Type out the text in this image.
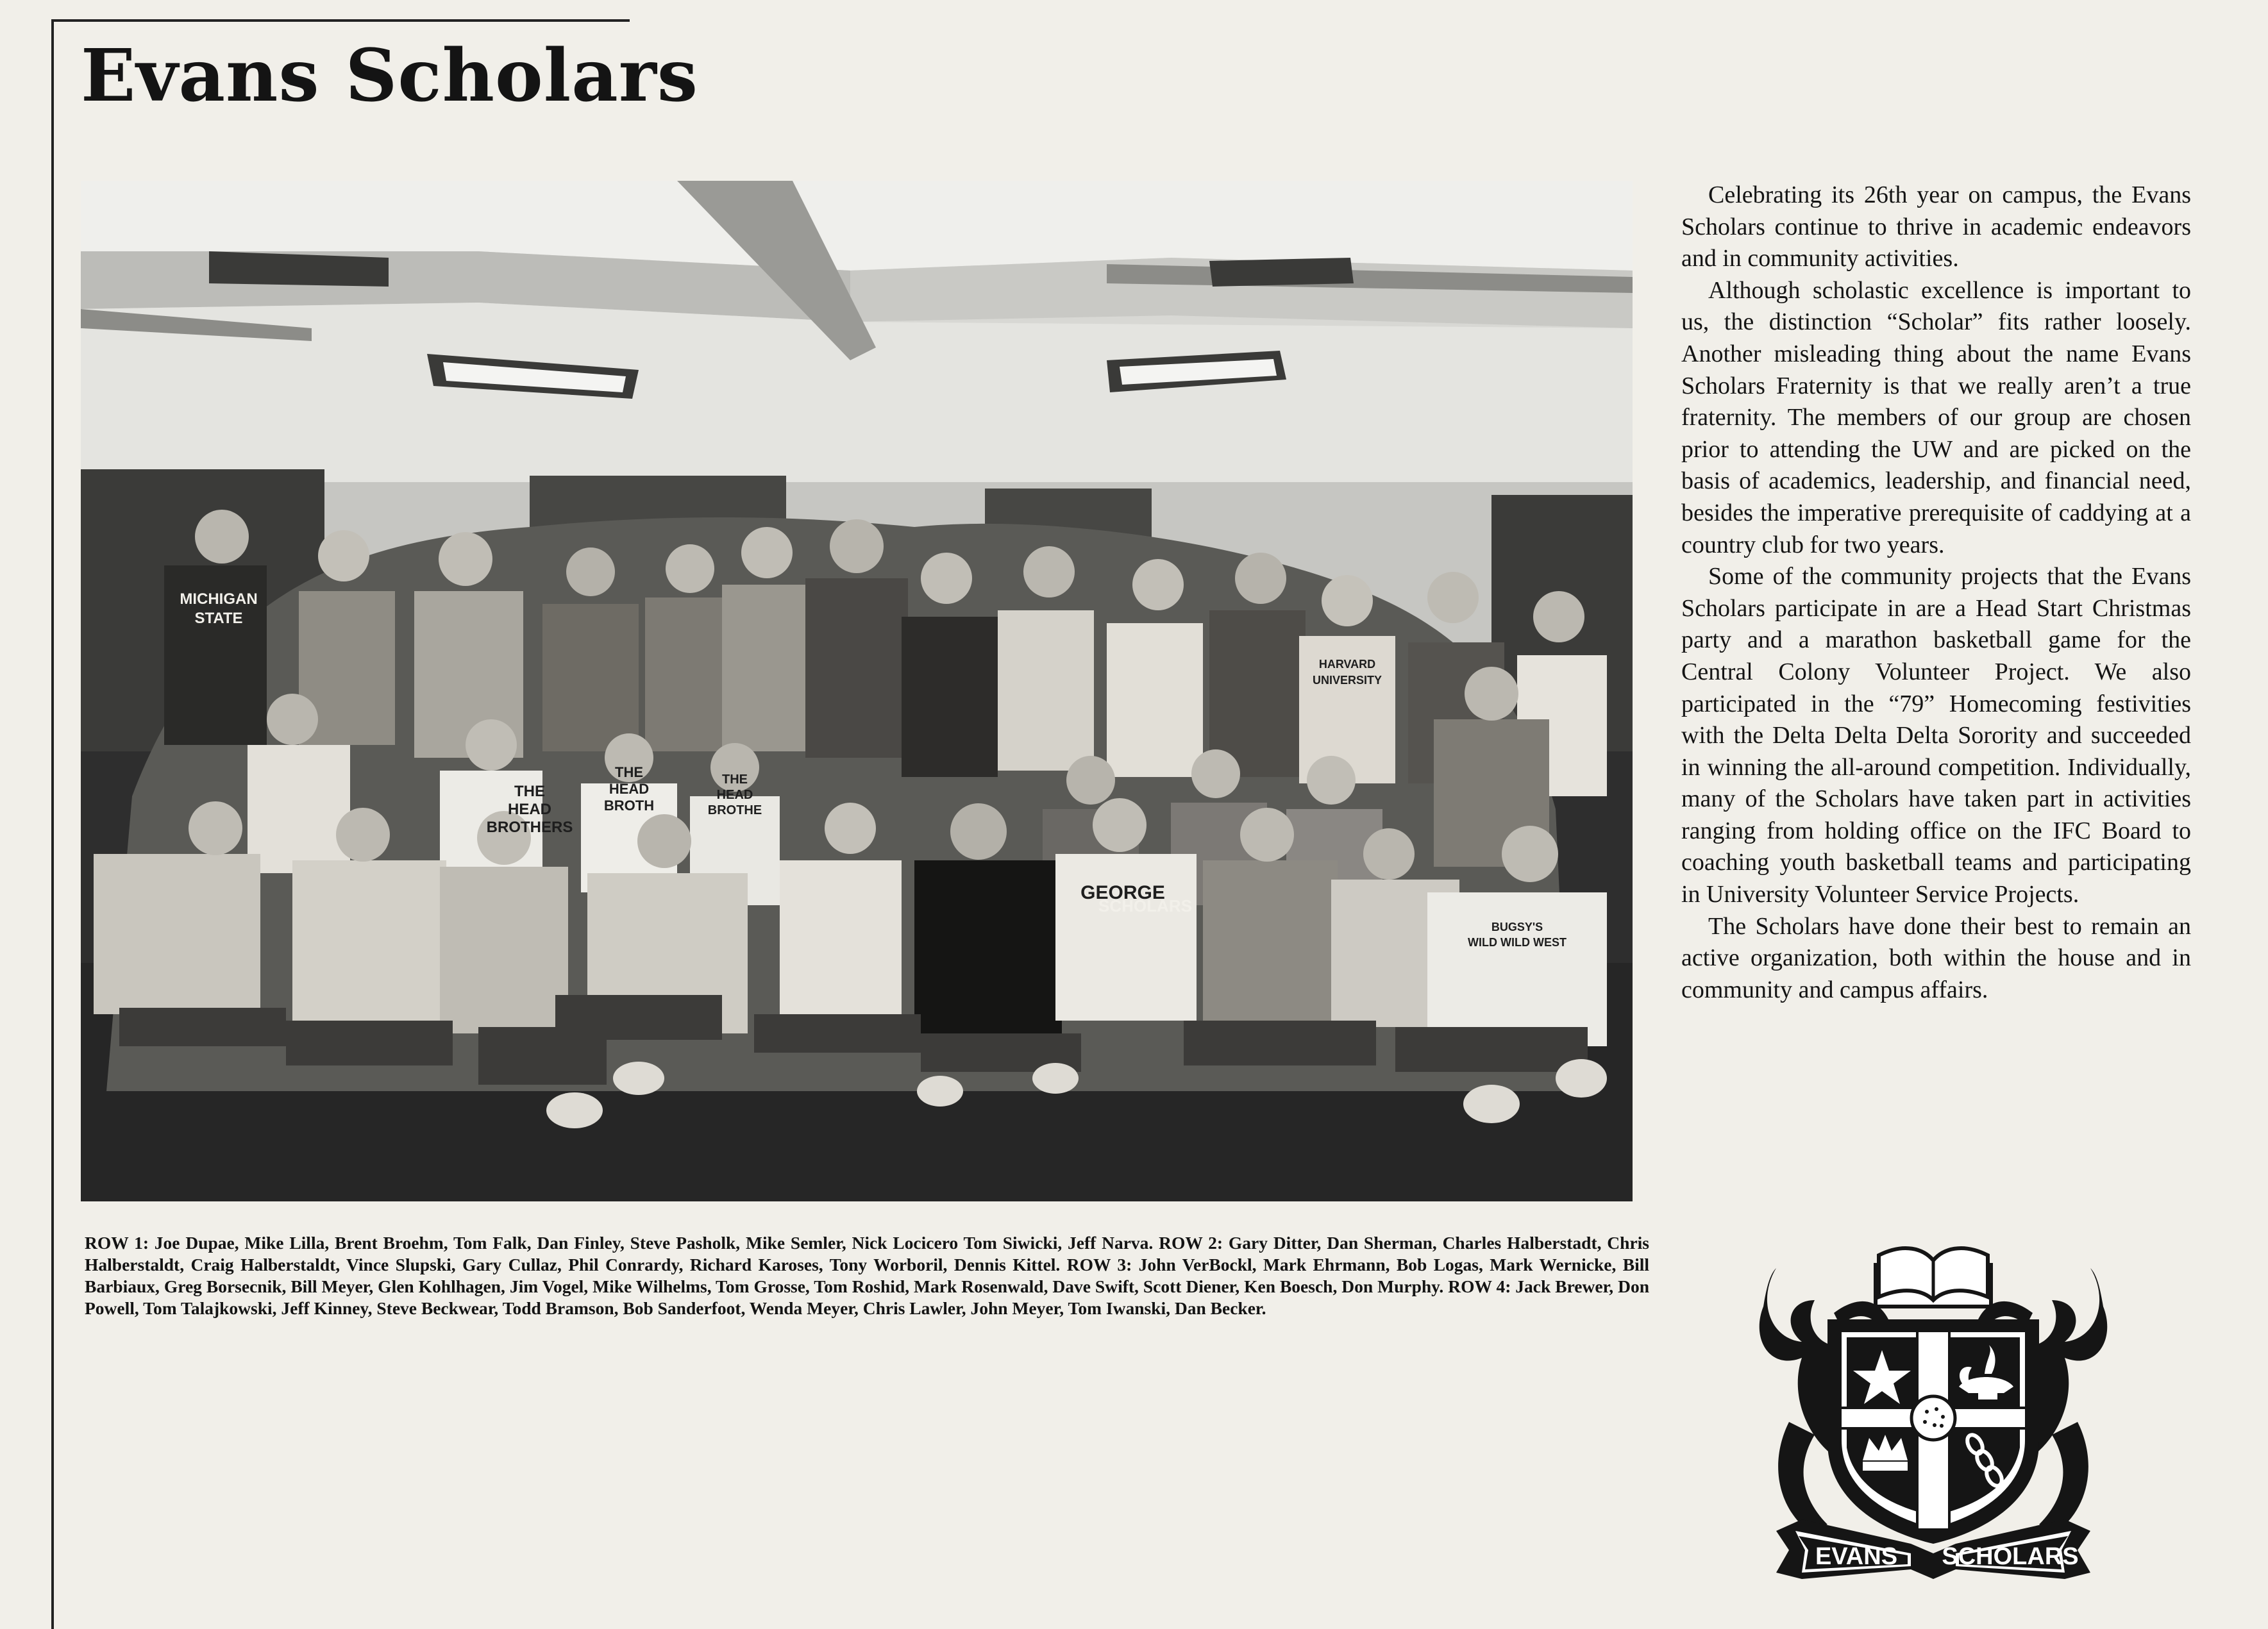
Evans Scholars
MICHIGAN
STATE
SCHOLARS
HARVARD
UNIVERSITY
THE
HEAD
BROTHERS
THE
HEAD
BROTH
THE
HEAD
BROTHE
GEORGE
BUGSY'S
WILD WILD WEST
ROW 1: Joe Dupae, Mike Lilla, Brent Broehm, Tom Falk, Dan Finley, Steve Pasholk, Mike Semler, Nick Locicero Tom Siwicki, Jeff Narva. ROW 2: Gary Ditter, Dan Sherman, Charles Halberstadt, Chris Halberstaldt, Craig Halberstaldt, Vince Slupski, Gary Cullaz, Phil Conrardy, Richard Karoses, Tony Worboril, Dennis Kittel. ROW 3: John VerBockl, Mark Ehrmann, Bob Logas, Mark Wernicke, Bill Barbiaux, Greg Borsecnik, Bill Meyer, Glen Kohlhagen, Jim Vogel, Mike Wilhelms, Tom Grosse, Tom Roshid, Mark Rosenwald, Dave Swift, Scott Diener, Ken Boesch, Don Murphy. ROW 4: Jack Brewer, Don Powell, Tom Talajkowski, Jeff Kinney, Steve Beckwear, Todd Bramson, Bob Sanderfoot, Wenda Meyer, Chris Lawler, John Meyer, Tom Iwanski, Dan Becker.

Celebrating its 26th year on campus, the Evans Scholars continue to thrive in academic endeavors and in community activities.

Although scholastic excellence is important to us, the distinction “Scholar” fits rather loosely. Another misleading thing about the name Evans Scholars Fraternity is that we really aren’t a true fraternity. The members of our group are chosen prior to attending the UW and are picked on the basis of academics, leadership, and financial need, besides the imperative prerequisite of caddying at a country club for two years.

Some of the community projects that the Evans Scholars participate in are a Head Start Christmas party and a marathon basketball game for the Central Colony Volunteer Project. We also participated in the “79” Homecoming festivities with the Delta Delta Delta Sorority and succeeded in winning the all-around competition. Individually, many of the Scholars have taken part in activities ranging from holding office on the IFC Board to coaching youth basketball teams and participating in University Volunteer Service Projects.

The Scholars have done their best to remain an active organization, both within the house and in community and campus affairs.

EVANS SCHOLARS
